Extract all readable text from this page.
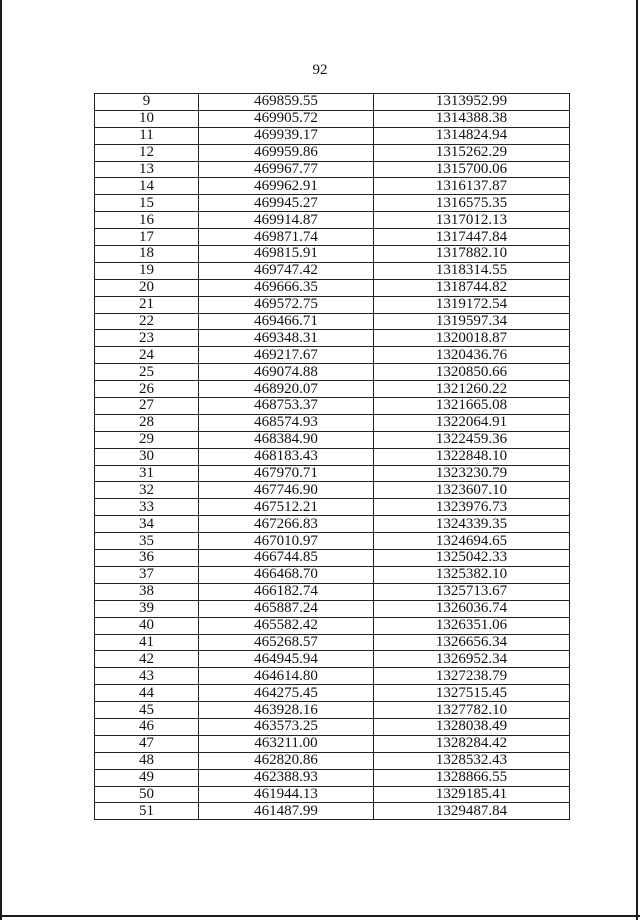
92
9	469859.55	1313952.99
10	469905.72	1314388.38
11	469939.17	1314824.94
12	469959.86	1315262.29
13	469967.77	1315700.06
14	469962.91	1316137.87
15	469945.27	1316575.35
16	469914.87	1317012.13
17	469871.74	1317447.84
18	469815.91	1317882.10
19	469747.42	1318314.55
20	469666.35	1318744.82
21	469572.75	1319172.54
22	469466.71	1319597.34
23	469348.31	1320018.87
24	469217.67	1320436.76
25	469074.88	1320850.66
26	468920.07	1321260.22
27	468753.37	1321665.08
28	468574.93	1322064.91
29	468384.90	1322459.36
30	468183.43	1322848.10
31	467970.71	1323230.79
32	467746.90	1323607.10
33	467512.21	1323976.73
34	467266.83	1324339.35
35	467010.97	1324694.65
36	466744.85	1325042.33
37	466468.70	1325382.10
38	466182.74	1325713.67
39	465887.24	1326036.74
40	465582.42	1326351.06
41	465268.57	1326656.34
42	464945.94	1326952.34
43	464614.80	1327238.79
44	464275.45	1327515.45
45	463928.16	1327782.10
46	463573.25	1328038.49
47	463211.00	1328284.42
48	462820.86	1328532.43
49	462388.93	1328866.55
50	461944.13	1329185.41
51	461487.99	1329487.84
